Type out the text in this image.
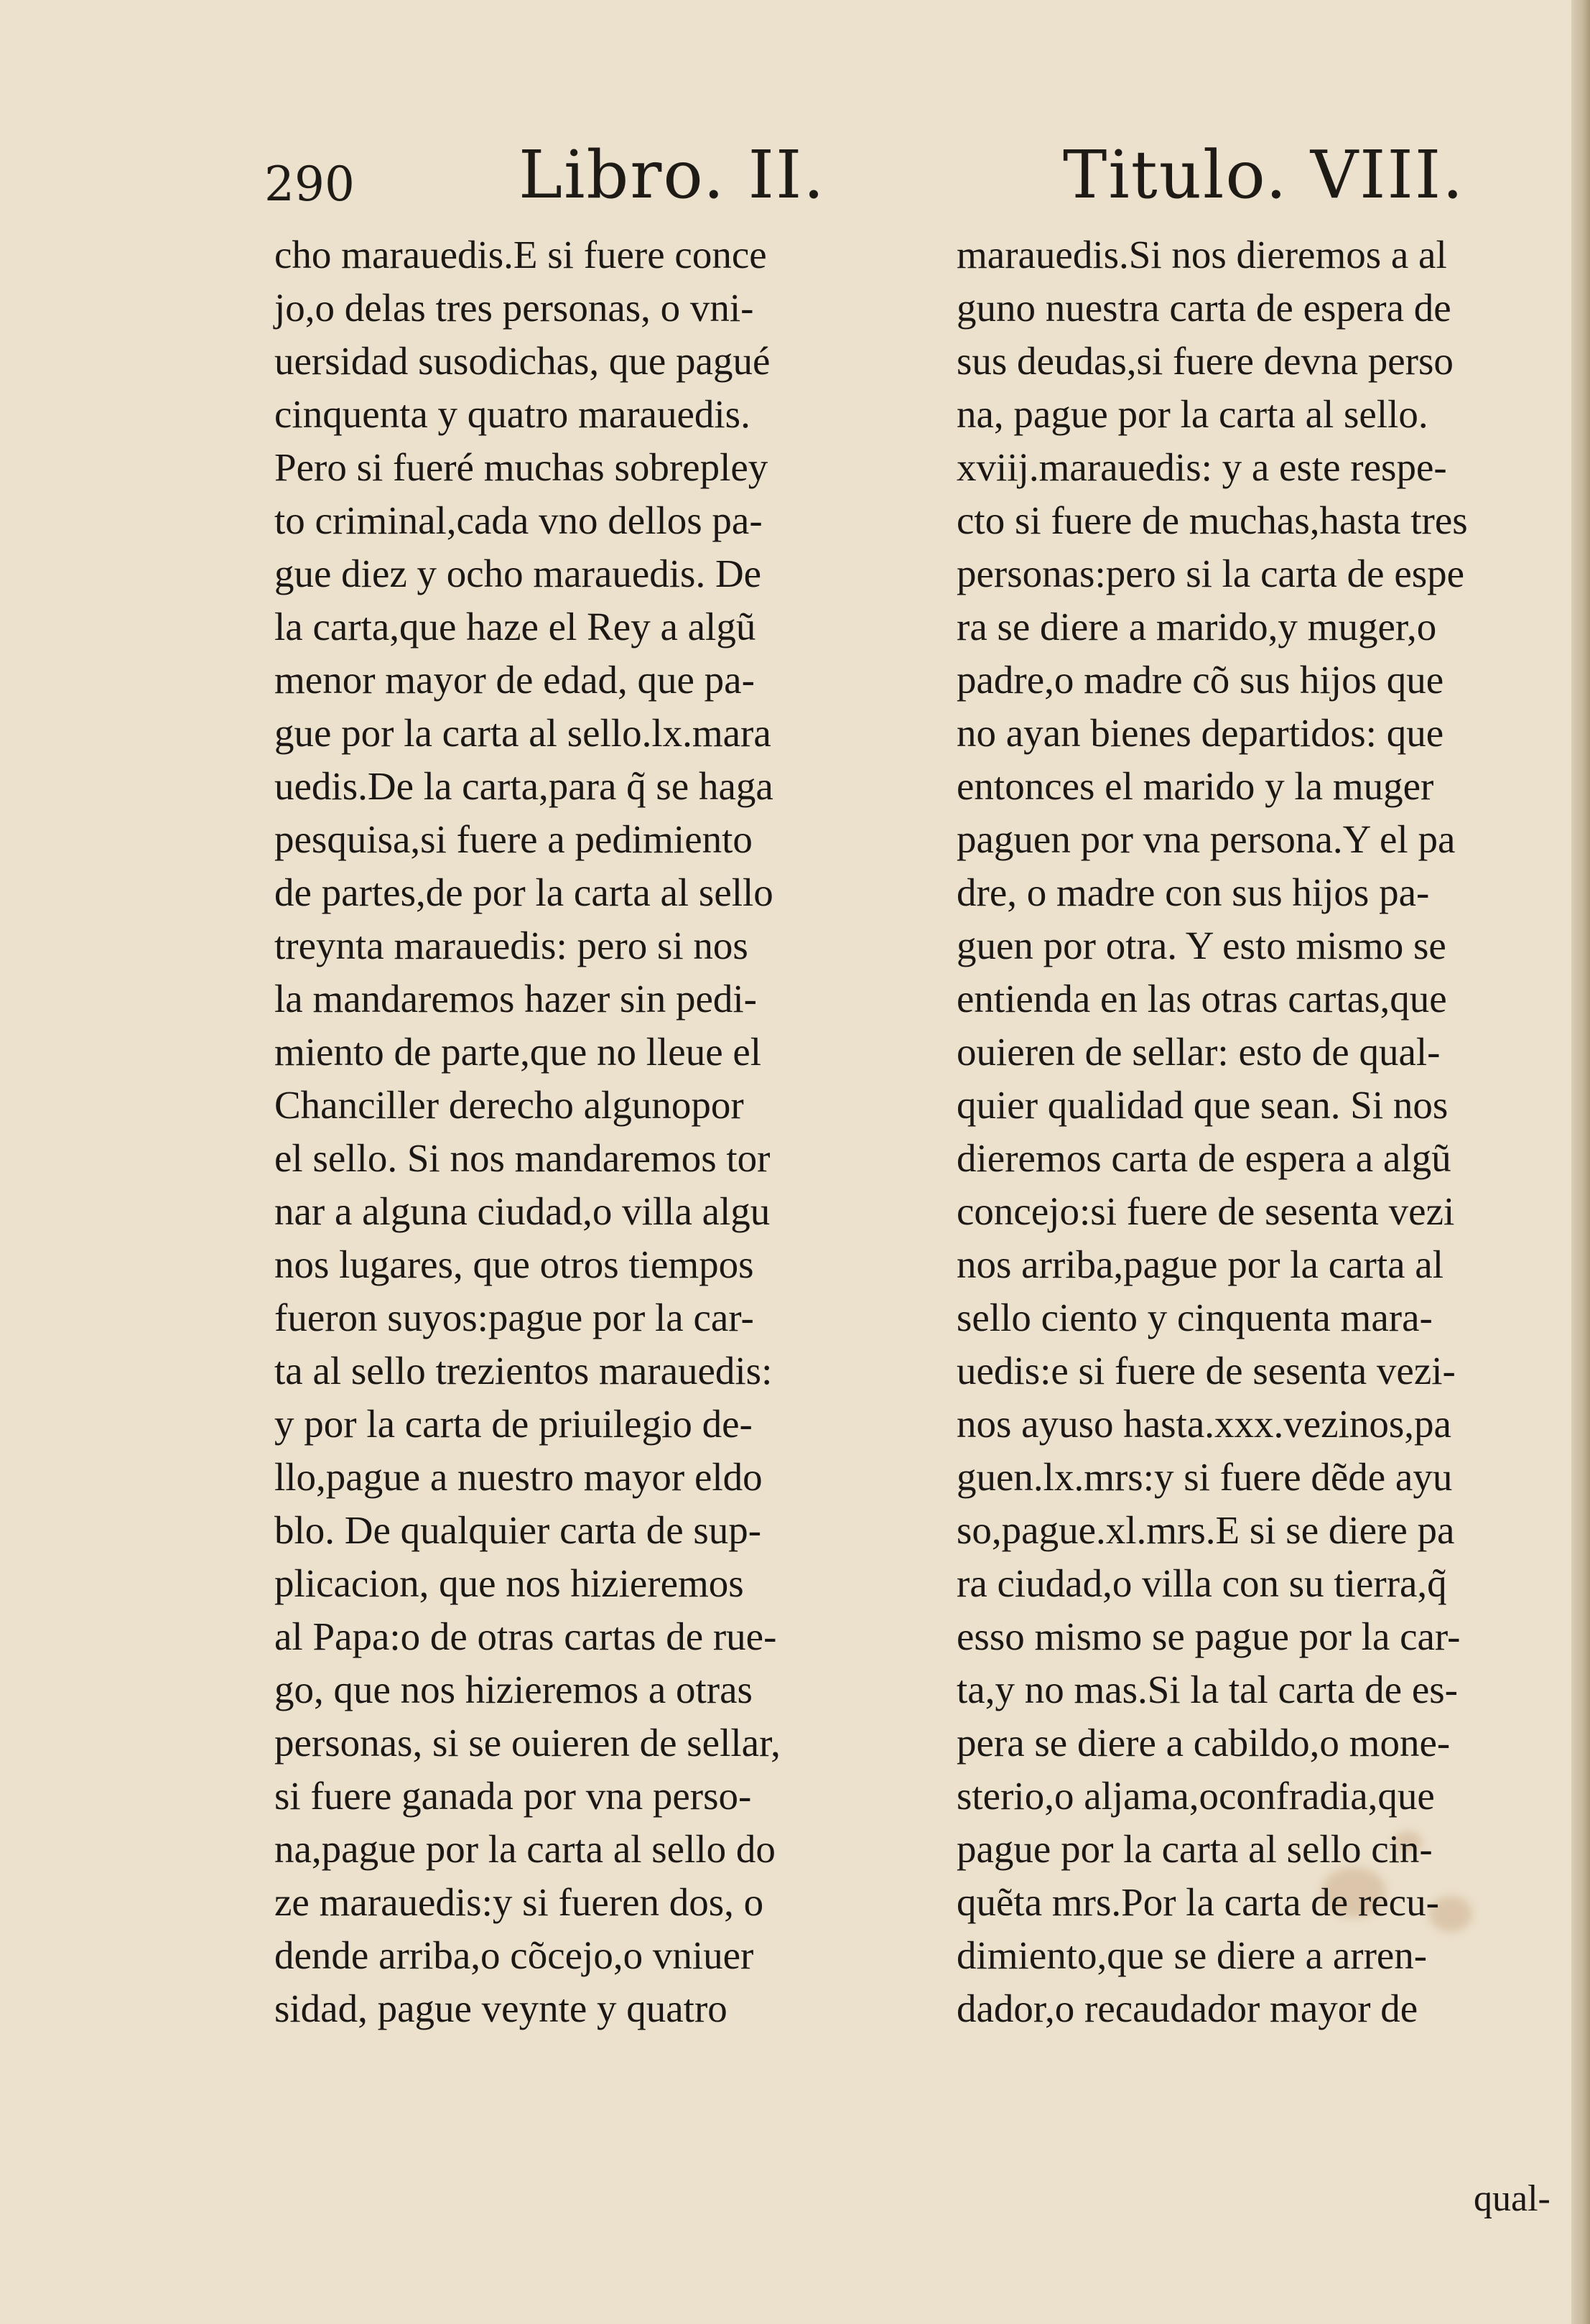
290 Libro. II.	Titulo. VIII.
cho marauedis.E si fuere conce
jo,o delas tres personas, o vni-
uersidad susodichas, que pagué
cinquenta y quatro marauedis.
Pero si fueré muchas sobrepley
to criminal,cada vno dellos pa-
gue diez y ocho marauedis. De
la carta,que haze el Rey a algũ
menor mayor de edad, que pa-
gue por la carta al sello.lx.mara
uedis.De la carta,para q̃ se haga
pesquisa,si fuere a pedimiento
de partes,de por la carta al sello
treynta marauedis: pero si nos
la mandaremos hazer sin pedi-
miento de parte,que no lleue el
Chanciller derecho algunopor
el sello. Si nos mandaremos tor
nar a alguna ciudad,o villa algu
nos lugares, que otros tiempos
fueron suyos:pague por la car-
ta al sello trezientos marauedis:
y por la carta de priuilegio de-
llo,pague a nuestro mayor eldo
blo. De qualquier carta de sup-
plicacion, que nos hizieremos
al Papa:o de otras cartas de rue-
go, que nos hizieremos a otras
personas, si se ouieren de sellar,
si fuere ganada por vna perso-
na,pague por la carta al sello do
ze marauedis:y si fueren dos, o
dende arriba,o cõcejo,o vniuer
sidad, pague veynte y quatro
marauedis.Si nos dieremos a al
guno nuestra carta de espera de
sus deudas,si fuere devna perso
na, pague por la carta al sello.
xviij.marauedis: y a este respe-
cto si fuere de muchas,hasta tres
personas:pero si la carta de espe
ra se diere a marido,y muger,o
padre,o madre cõ sus hijos que
no ayan bienes departidos: que
entonces el marido y la muger
paguen por vna persona.Y el pa
dre, o madre con sus hijos pa-
guen por otra. Y esto mismo se
entienda en las otras cartas,que
ouieren de sellar: esto de qual-
quier qualidad que sean. Si nos
dieremos carta de espera a algũ
concejo:si fuere de sesenta vezi
nos arriba,pague por la carta al
sello ciento y cinquenta mara-
uedis:e si fuere de sesenta vezi-
nos ayuso hasta.xxx.vezinos,pa
guen.lx.mrs:y si fuere dẽde ayu
so,pague.xl.mrs.E si se diere pa
ra ciudad,o villa con su tierra,q̃
esso mismo se pague por la car-
ta,y no mas.Si la tal carta de es-
pera se diere a cabildo,o mone-
sterio,o aljama,oconfradia,que
pague por la carta al sello cin-
quẽta mrs.Por la carta de recu-
dimiento,que se diere a arren-
dador,o recaudador mayor de
qual-
